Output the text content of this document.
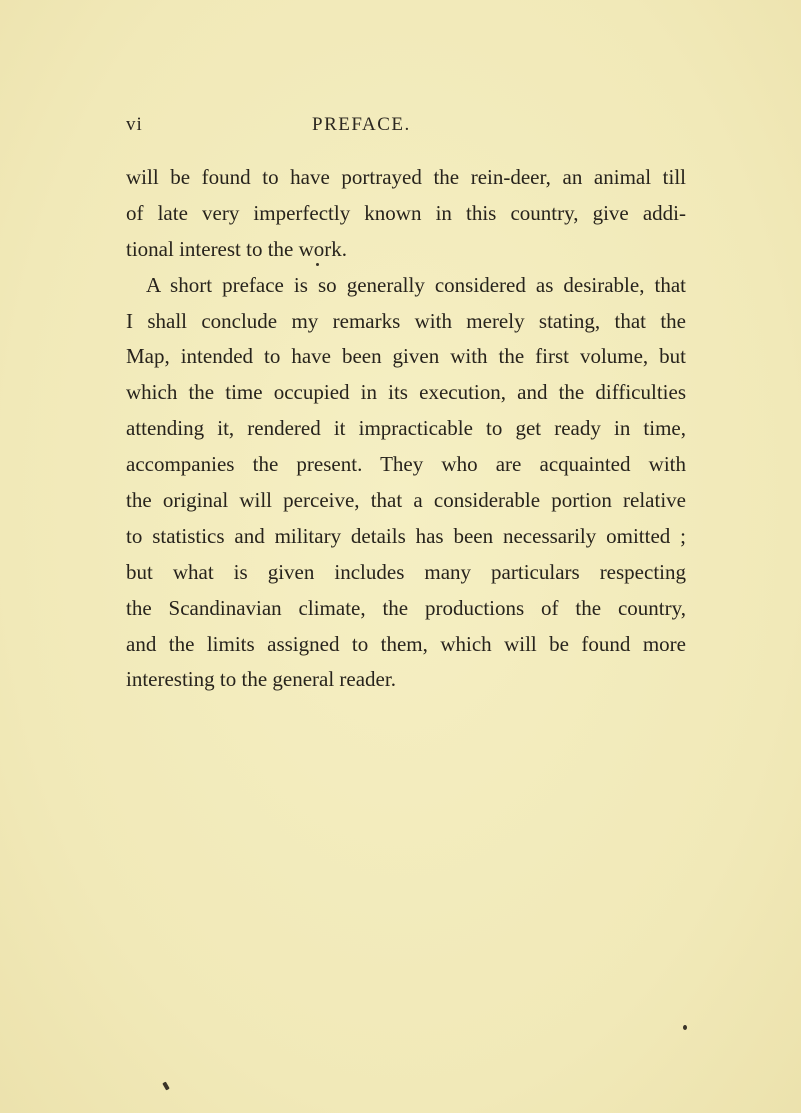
vi	PREFACE.
will be found to have portrayed the rein-deer, an animal till
of late very imperfectly known in this country, give addi-
tional interest to the work.
A short preface is so generally considered as desirable, that
I shall conclude my remarks with merely stating, that the
Map, intended to have been given with the first volume, but
which the time occupied in its execution, and the difficulties
attending it, rendered it impracticable to get ready in time,
accompanies the present. They who are acquainted with
the original will perceive, that a considerable portion relative
to statistics and military details has been necessarily omitted ;
but what is given includes many particulars respecting
the Scandinavian climate, the productions of the country,
and the limits assigned to them, which will be found more
interesting to the general reader.
